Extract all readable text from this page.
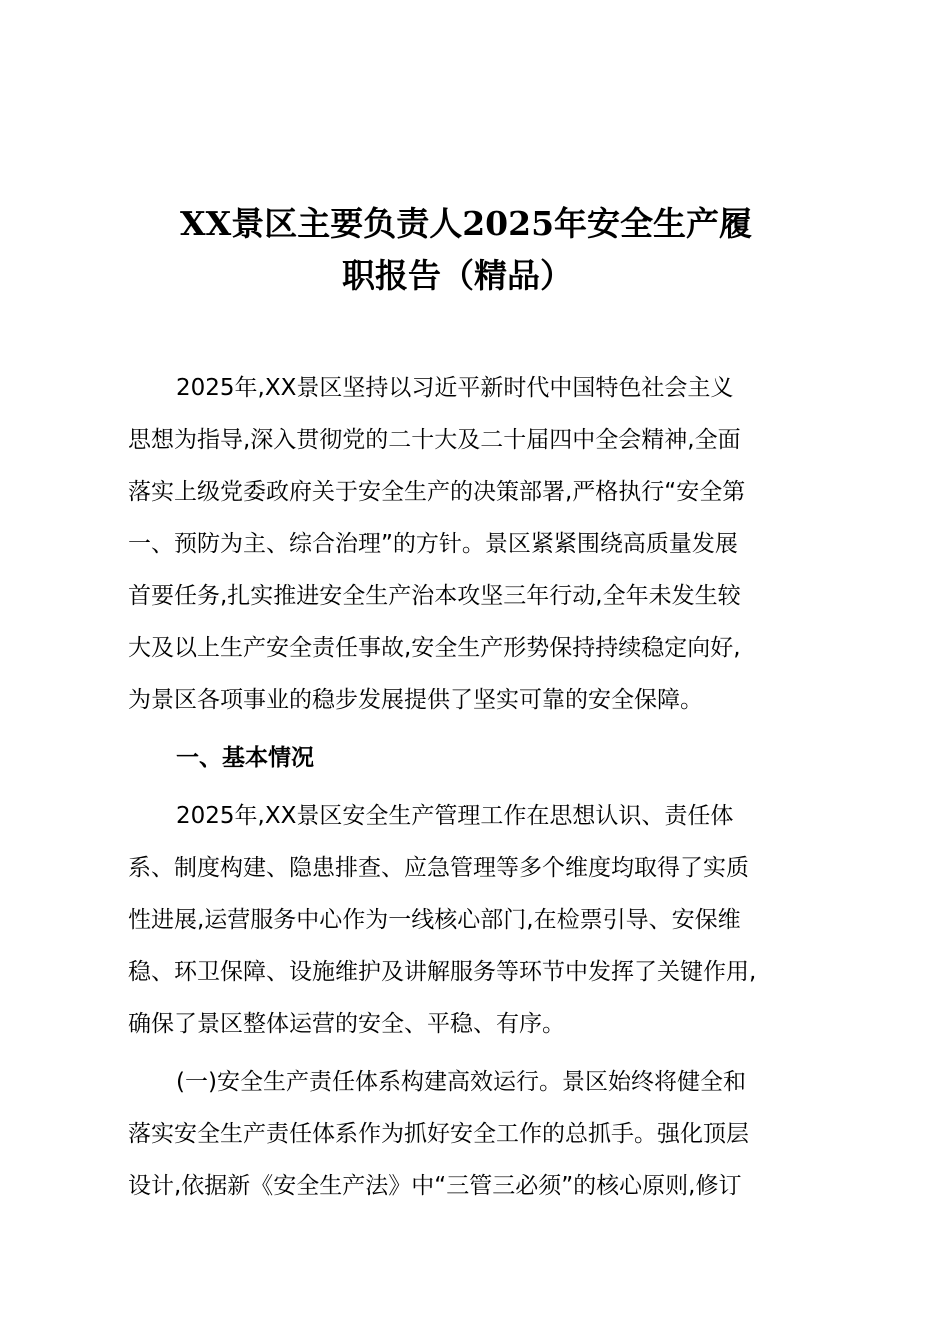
XX景区主要负责人2025年安全生产履
职报告（精品）

2025年,XX景区坚持以习近平新时代中国特色社会主义
思想为指导,深入贯彻党的二十大及二十届四中全会精神,全面
落实上级党委政府关于安全生产的决策部署,严格执行“安全第
一、预防为主、综合治理”的方针。景区紧紧围绕高质量发展
首要任务,扎实推进安全生产治本攻坚三年行动,全年未发生较
大及以上生产安全责任事故,安全生产形势保持持续稳定向好,
为景区各项事业的稳步发展提供了坚实可靠的安全保障。

一、基本情况

2025年,XX景区安全生产管理工作在思想认识、责任体
系、制度构建、隐患排查、应急管理等多个维度均取得了实质
性进展,运营服务中心作为一线核心部门,在检票引导、安保维
稳、环卫保障、设施维护及讲解服务等环节中发挥了关键作用,
确保了景区整体运营的安全、平稳、有序。

(一)安全生产责任体系构建高效运行。景区始终将健全和
落实安全生产责任体系作为抓好安全工作的总抓手。强化顶层
设计,依据新《安全生产法》中“三管三必须”的核心原则,修订
